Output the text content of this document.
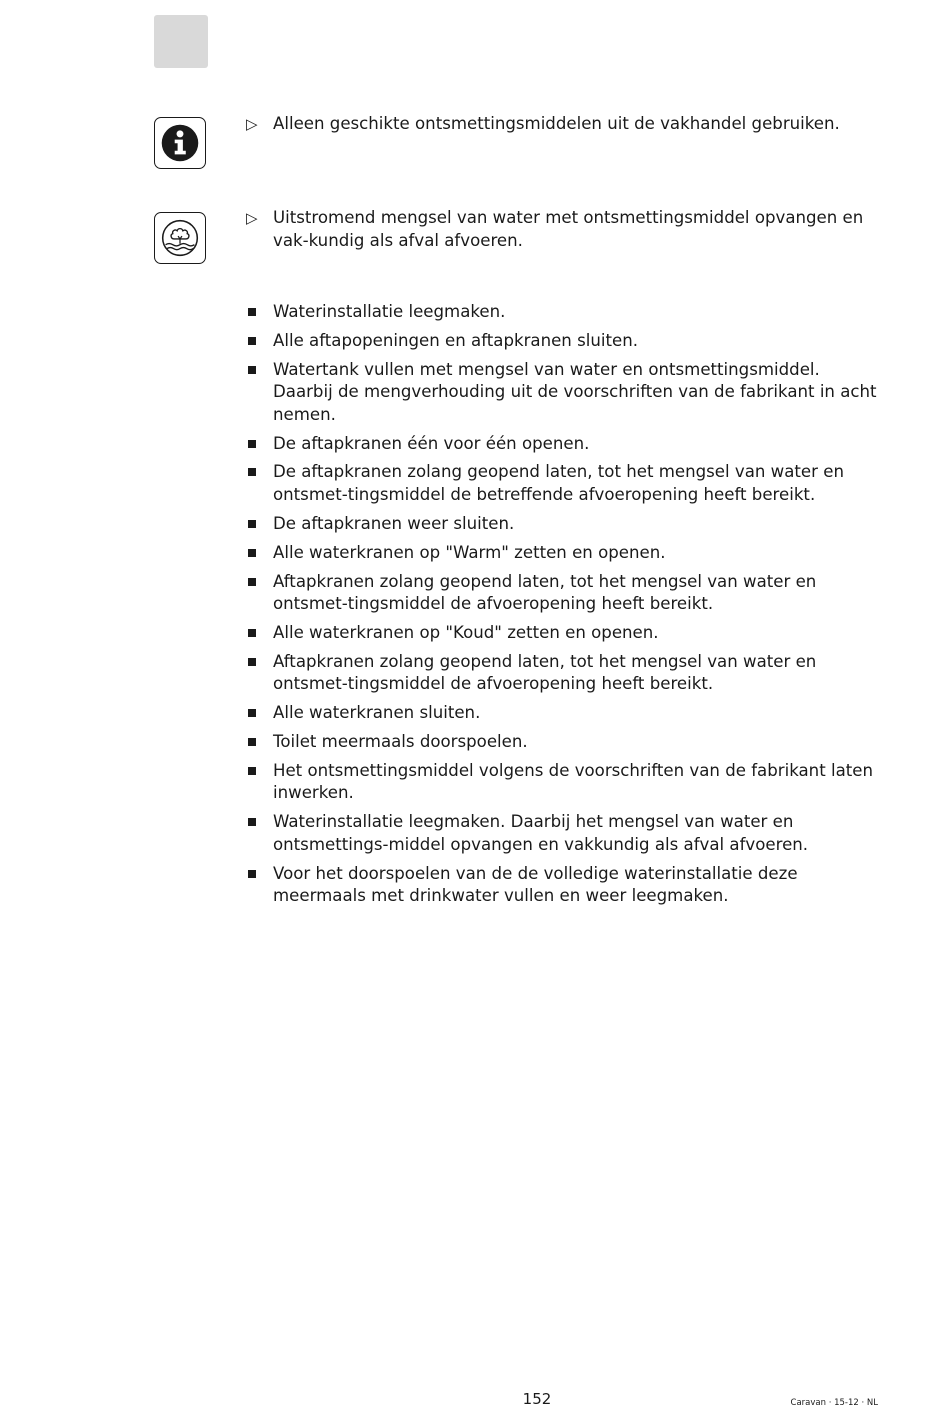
▷ Alleen geschikte ontsmettingsmiddelen uit de vakhandel gebruiken.
▷ Uitstromend mengsel van water met ontsmettingsmiddel opvangen en vak-kundig als afval afvoeren.
Waterinstallatie leegmaken.
Alle aftapopeningen en aftapkranen sluiten.
Watertank vullen met mengsel van water en ontsmettingsmiddel. Daarbij de mengverhouding uit de voorschriften van de fabrikant in acht nemen.
De aftapkranen één voor één openen.
De aftapkranen zolang geopend laten, tot het mengsel van water en ontsmet-tingsmiddel de betreffende afvoeropening heeft bereikt.
De aftapkranen weer sluiten.
Alle waterkranen op "Warm" zetten en openen.
Aftapkranen zolang geopend laten, tot het mengsel van water en ontsmet-tingsmiddel de afvoeropening heeft bereikt.
Alle waterkranen op "Koud" zetten en openen.
Aftapkranen zolang geopend laten, tot het mengsel van water en ontsmet-tingsmiddel de afvoeropening heeft bereikt.
Alle waterkranen sluiten.
Toilet meermaals doorspoelen.
Het ontsmettingsmiddel volgens de voorschriften van de fabrikant laten inwerken.
Waterinstallatie leegmaken. Daarbij het mengsel van water en ontsmettings-middel opvangen en vakkundig als afval afvoeren.
Voor het doorspoelen van de de volledige waterinstallatie deze meermaals met drinkwater vullen en weer leegmaken.
152	Caravan · 15-12 · NL
